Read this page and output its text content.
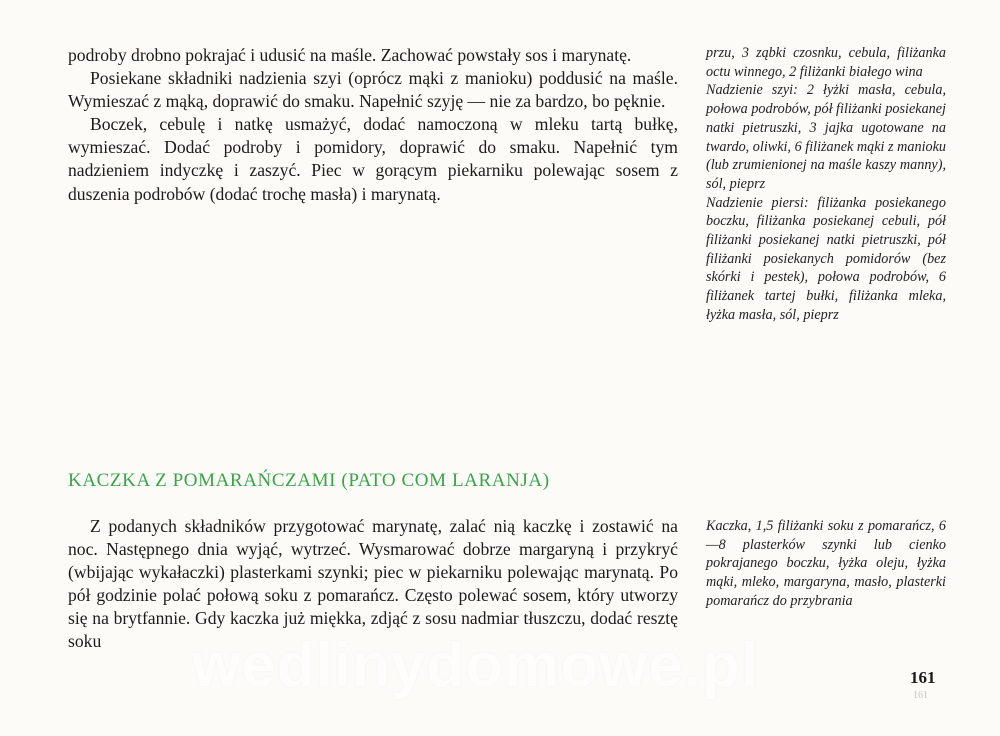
podroby drobno pokrajać i udusić na maśle. Zachować powstały sos i marynatę.

Posiekane składniki nadzienia szyi (oprócz mąki z manioku) poddusić na maśle. Wymieszać z mąką, doprawić do smaku. Napełnić szyję — nie za bardzo, bo pęknie.

Boczek, cebulę i natkę usmażyć, dodać namoczoną w mleku tartą bułkę, wymieszać. Dodać podroby i pomidory, doprawić do smaku. Napełnić tym nadzieniem indyczkę i zaszyć. Piec w gorącym piekarniku polewając sosem z duszenia podrobów (dodać trochę masła) i marynatą.

przu, 3 ząbki czosnku, cebula, filiżanka octu winnego, 2 filiżanki białego wina

Nadzienie szyi: 2 łyżki masła, cebula, połowa podrobów, pół filiżanki posiekanej natki pietruszki, 3 jajka ugotowane na twardo, oliwki, 6 filiżanek mąki z manioku (lub zrumienionej na maśle kaszy manny), sól, pieprz

Nadzienie piersi: filiżanka posiekanego boczku, filiżanka posiekanej cebuli, pół filiżanki posiekanej natki pietruszki, pół filiżanki posiekanych pomidorów (bez skórki i pestek), połowa podrobów, 6 filiżanek tartej bułki, filiżanka mleka, łyżka masła, sól, pieprz

KACZKA Z POMARAŃCZAMI (PATO COM LARANJA)

Z podanych składników przygotować marynatę, zalać nią kaczkę i zostawić na noc. Następnego dnia wyjąć, wytrzeć. Wysmarować dobrze margaryną i przykryć (wbijając wykałaczki) plasterkami szynki; piec w piekarniku polewając marynatą. Po pół godzinie polać połową soku z pomarańcz. Często polewać sosem, który utworzy się na brytfannie. Gdy kaczka już miękka, zdjąć z sosu nadmiar tłuszczu, dodać resztę soku

Kaczka, 1,5 filiżanki soku z pomarańcz, 6—8 plasterków szynki lub cienko pokrajanego boczku, łyżka oleju, łyżka mąki, mleko, margaryna, masło, plasterki pomarańcz do przybrania

wedlinydomowe.pl	161
161
